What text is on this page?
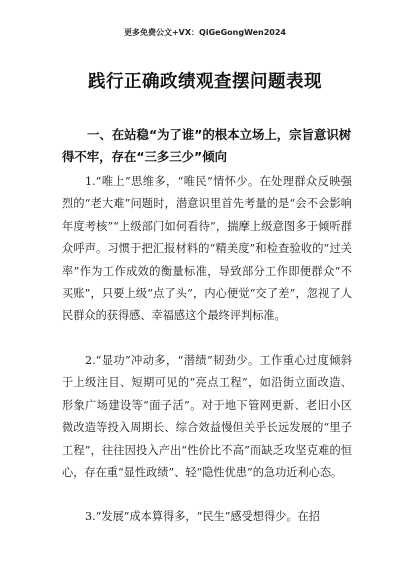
更多免费公文+VX：QiGeGongWen2024
践行正确政绩观查摆问题表现

一、在站稳“为了谁”的根本立场上，宗旨意识树得不牢，存在“三多三少”倾向

1.“唯上”思维多，“唯民”情怀少。在处理群众反映强烈的“老大难”问题时，潜意识里首先考量的是“会不会影响年度考核”“上级部门如何看待”，揣摩上级意图多于倾听群众呼声。习惯于把汇报材料的“精美度”和检查验收的“过关率”作为工作成效的衡量标准，导致部分工作即便群众“不买账”，只要上级“点了头”，内心便觉“交了差”，忽视了人民群众的获得感、幸福感这个最终评判标准。

2.“显功”冲动多，“潜绩”韧劲少。工作重心过度倾斜于上级注目、短期可见的“亮点工程”，如沿街立面改造、形象广场建设等“面子活”。对于地下管网更新、老旧小区微改造等投入周期长、综合效益慢但关乎长远发展的“里子工程”，往往因投入产出“性价比不高”而缺乏攻坚克难的恒心，存在重“显性政绩”、轻“隐性优患”的急功近利心态。

3.“发展”成本算得多，“民生”感受想得少。在招
